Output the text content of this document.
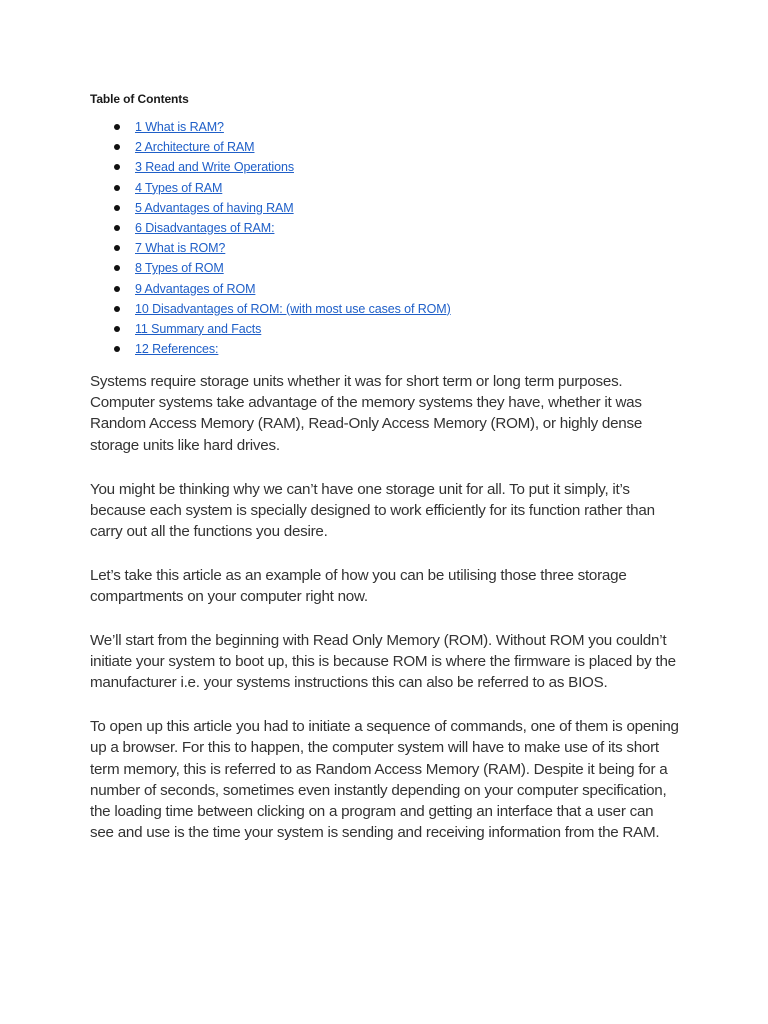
Table of Contents
1 What is RAM?
2 Architecture of RAM
3 Read and Write Operations
4 Types of RAM
5 Advantages of having RAM
6 Disadvantages of RAM:
7 What is ROM?
8 Types of ROM
9 Advantages of ROM
10 Disadvantages of ROM: (with most use cases of ROM)
11 Summary and Facts
12 References:

Systems require storage units whether it was for short term or long term purposes. Computer systems take advantage of the memory systems they have, whether it was Random Access Memory (RAM), Read-Only Access Memory (ROM), or highly dense storage units like hard drives.

You might be thinking why we can’t have one storage unit for all. To put it simply, it’s because each system is specially designed to work efficiently for its function rather than carry out all the functions you desire.

Let’s take this article as an example of how you can be utilising those three storage compartments on your computer right now.

We’ll start from the beginning with Read Only Memory (ROM). Without ROM you couldn’t initiate your system to boot up, this is because ROM is where the firmware is placed by the manufacturer i.e. your systems instructions this can also be referred to as BIOS.

To open up this article you had to initiate a sequence of commands, one of them is opening up a browser. For this to happen, the computer system will have to make use of its short term memory, this is referred to as Random Access Memory (RAM). Despite it being for a number of seconds, sometimes even instantly depending on your computer specification, the loading time between clicking on a program and getting an interface that a user can see and use is the time your system is sending and receiving information from the RAM.
